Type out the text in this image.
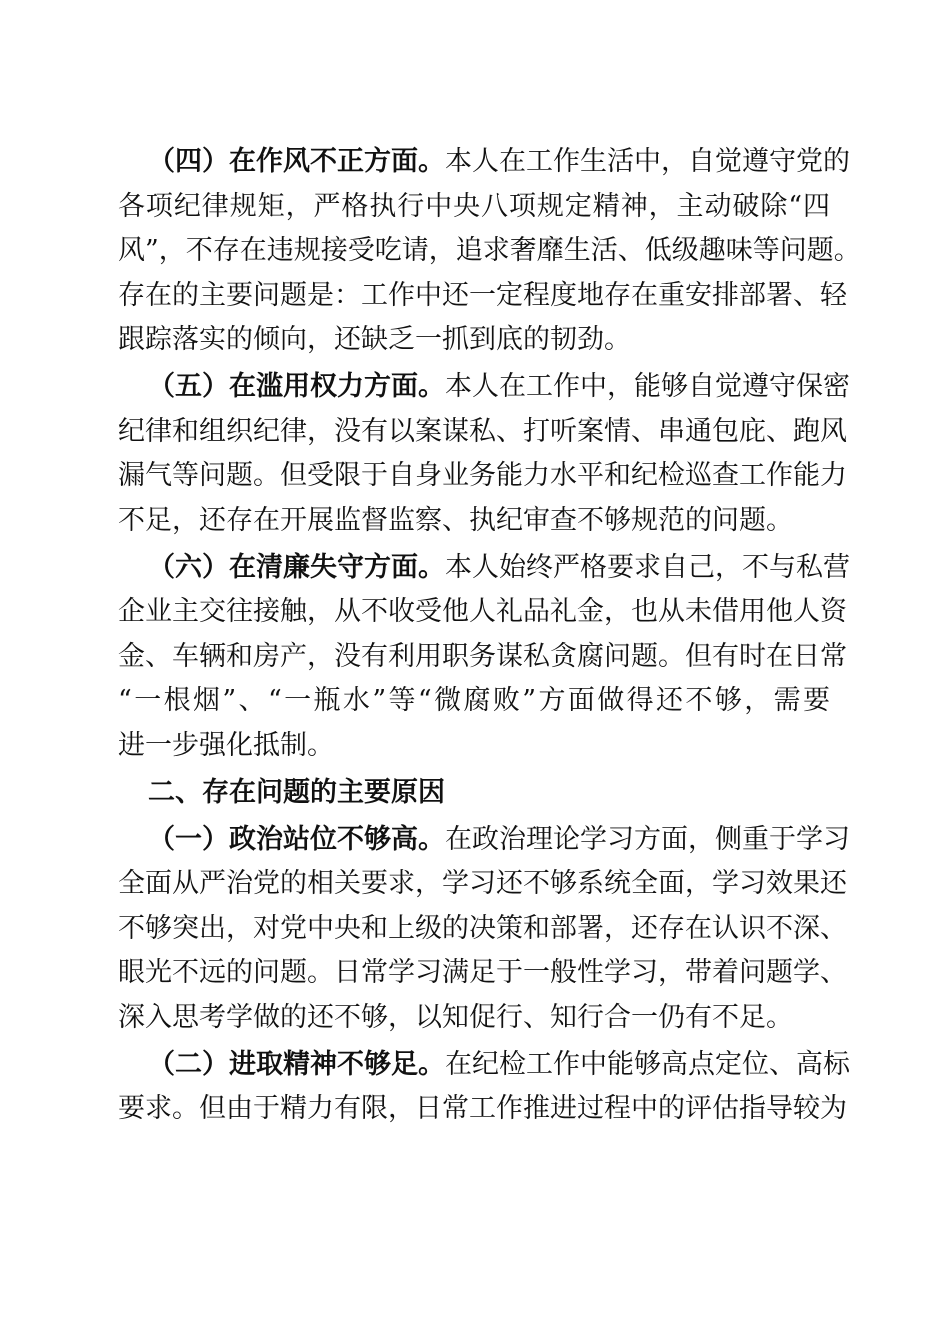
（四）在作风不正方面。本人在工作生活中，自觉遵守党的
各项纪律规矩，严格执行中央八项规定精神，主动破除“四
风”，不存在违规接受吃请，追求奢靡生活、低级趣味等问题。
存在的主要问题是：工作中还一定程度地存在重安排部署、轻
跟踪落实的倾向，还缺乏一抓到底的韧劲。
（五）在滥用权力方面。本人在工作中，能够自觉遵守保密
纪律和组织纪律，没有以案谋私、打听案情、串通包庇、跑风
漏气等问题。但受限于自身业务能力水平和纪检巡查工作能力
不足，还存在开展监督监察、执纪审查不够规范的问题。
（六）在清廉失守方面。本人始终严格要求自己，不与私营
企业主交往接触，从不收受他人礼品礼金，也从未借用他人资
金、车辆和房产，没有利用职务谋私贪腐问题。但有时在日常
“一根烟”、“一瓶水”等“微腐败”方面做得还不够，需要
进一步强化抵制。
二、存在问题的主要原因
（一）政治站位不够高。在政治理论学习方面，侧重于学习
全面从严治党的相关要求，学习还不够系统全面，学习效果还
不够突出，对党中央和上级的决策和部署，还存在认识不深、
眼光不远的问题。日常学习满足于一般性学习，带着问题学、
深入思考学做的还不够，以知促行、知行合一仍有不足。
（二）进取精神不够足。在纪检工作中能够高点定位、高标
要求。但由于精力有限，日常工作推进过程中的评估指导较为
